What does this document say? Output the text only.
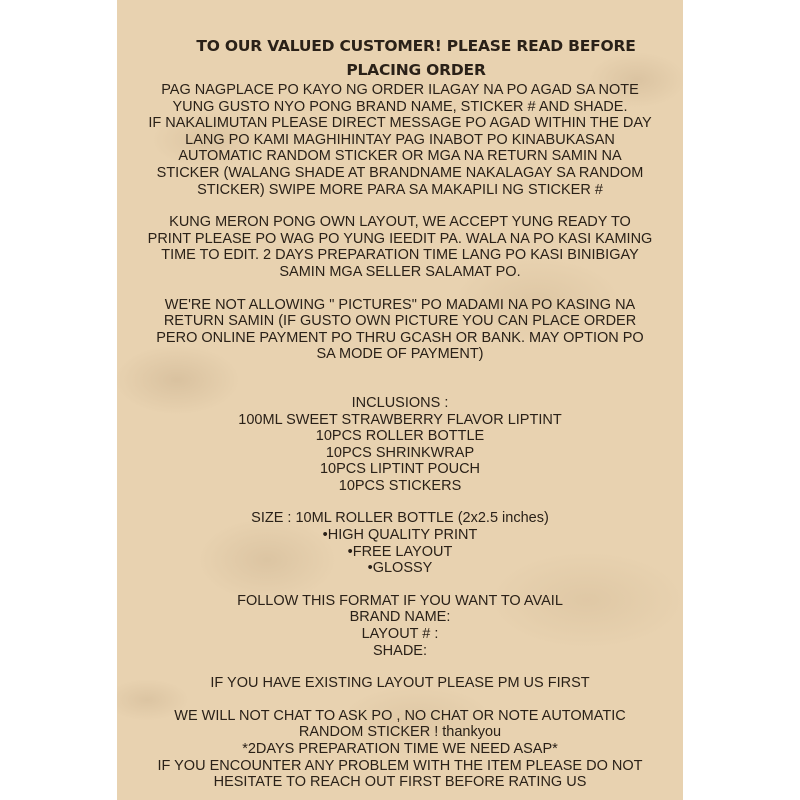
TO OUR VALUED CUSTOMER! PLEASE READ BEFORE
PLACING ORDER
PAG NAGPLACE PO KAYO NG ORDER ILAGAY NA PO AGAD SA NOTE
YUNG GUSTO NYO PONG BRAND NAME, STICKER # AND SHADE.
IF NAKALIMUTAN PLEASE DIRECT MESSAGE PO AGAD WITHIN THE DAY
LANG PO KAMI MAGHIHINTAY PAG INABOT PO KINABUKASAN
AUTOMATIC RANDOM STICKER OR MGA NA RETURN SAMIN NA
STICKER (WALANG SHADE AT BRANDNAME NAKALAGAY SA RANDOM
STICKER) SWIPE MORE PARA SA MAKAPILI NG STICKER #
KUNG MERON PONG OWN LAYOUT, WE ACCEPT YUNG READY TO
PRINT PLEASE PO WAG PO YUNG IEEDIT PA. WALA NA PO KASI KAMING
TIME TO EDIT. 2 DAYS PREPARATION TIME LANG PO KASI BINIBIGAY
SAMIN MGA SELLER SALAMAT PO.
WE'RE NOT ALLOWING " PICTURES" PO MADAMI NA PO KASING NA
RETURN SAMIN (IF GUSTO OWN PICTURE YOU CAN PLACE ORDER
PERO ONLINE PAYMENT PO THRU GCASH OR BANK. MAY OPTION PO
SA MODE OF PAYMENT)
INCLUSIONS :
100ML SWEET STRAWBERRY FLAVOR LIPTINT
10PCS ROLLER BOTTLE
10PCS SHRINKWRAP
10PCS LIPTINT POUCH
10PCS STICKERS
SIZE : 10ML ROLLER BOTTLE (2x2.5 inches)
•HIGH QUALITY PRINT
•FREE LAYOUT
•GLOSSY
FOLLOW THIS FORMAT IF YOU WANT TO AVAIL
BRAND NAME:
LAYOUT # :
SHADE:
IF YOU HAVE EXISTING LAYOUT PLEASE PM US FIRST
WE WILL NOT CHAT TO ASK PO , NO CHAT OR NOTE AUTOMATIC
RANDOM STICKER ! thankyou
*2DAYS PREPARATION TIME WE NEED ASAP*
IF YOU ENCOUNTER ANY PROBLEM WITH THE ITEM PLEASE DO NOT
HESITATE TO REACH OUT FIRST BEFORE RATING US
